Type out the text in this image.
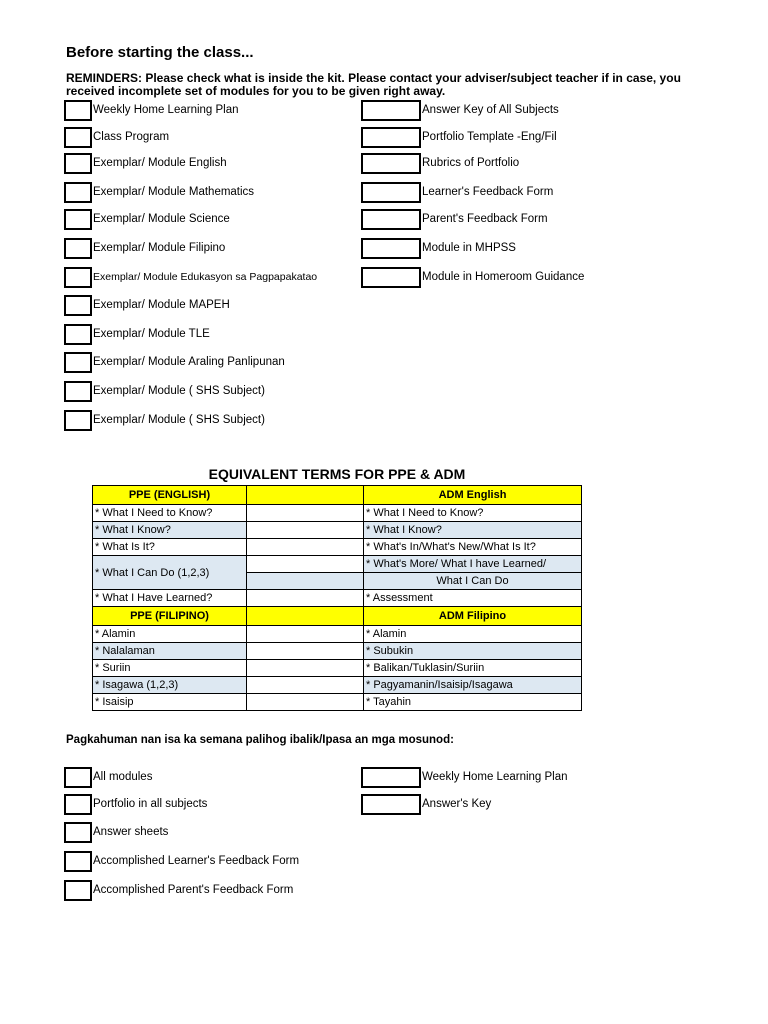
Before starting the class...
REMINDERS: Please check what is inside the kit. Please contact your adviser/subject teacher if in case, you received incomplete set of modules for you to be given right away.
Weekly Home Learning Plan
Class Program
Exemplar/ Module English
Exemplar/ Module Mathematics
Exemplar/ Module Science
Exemplar/ Module Filipino
Exemplar/ Module Edukasyon sa Pagpapakatao
Exemplar/ Module MAPEH
Exemplar/ Module TLE
Exemplar/ Module Araling Panlipunan
Exemplar/ Module ( SHS Subject)
Exemplar/ Module ( SHS Subject)
Answer Key of All Subjects
Portfolio Template -Eng/Fil
Rubrics of Portfolio
Learner's Feedback Form
Parent's Feedback Form
Module in MHPSS
Module in Homeroom Guidance
EQUIVALENT TERMS FOR PPE & ADM
PPE (ENGLISH)		ADM English
* What I Need to Know?		* What I Need to Know?
* What I Know?		* What I Know?
* What Is It?		* What's In/What's New/What Is It?
* What I Can Do (1,2,3)		* What's More/ What I have Learned/
		What I Can Do
* What I Have Learned?		* Assessment
PPE (FILIPINO)		ADM Filipino
* Alamin		* Alamin
* Nalalaman		* Subukin
* Suriin		* Balikan/Tuklasin/Suriin
* Isagawa (1,2,3)		* Pagyamanin/Isaisip/Isagawa
* Isaisip		* Tayahin
Pagkahuman nan isa ka semana palihog ibalik/Ipasa an mga mosunod:
All modules
Portfolio in all subjects
Answer sheets
Accomplished Learner's Feedback Form
Accomplished Parent's Feedback Form
Weekly Home Learning Plan
Answer's Key
